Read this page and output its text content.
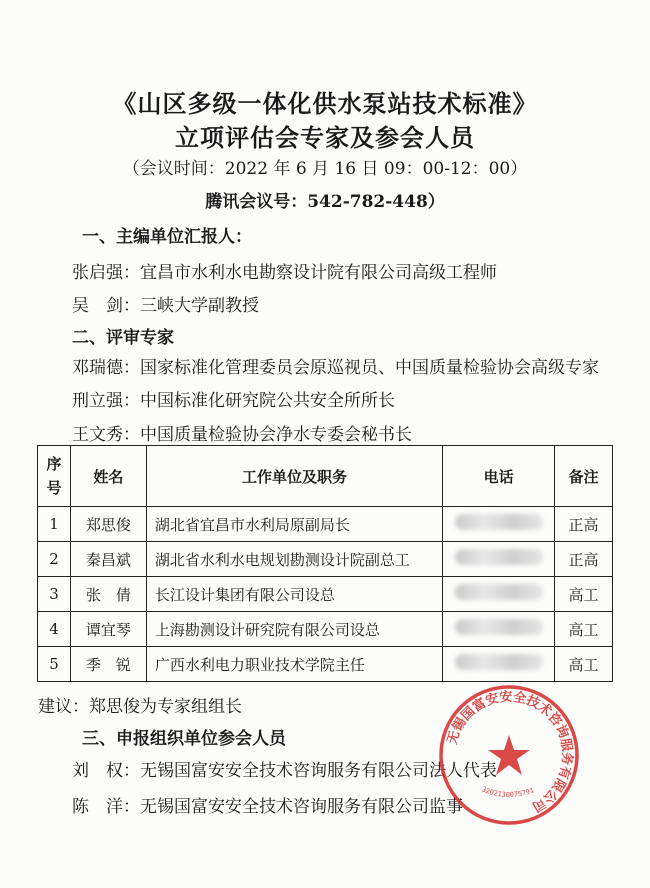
《山区多级一体化供水泵站技术标准》
立项评估会专家及参会人员
（会议时间：2022 年 6 月 16 日 09：00-12：00）
腾讯会议号：542-782-448）
一、主编单位汇报人：
张启强：宜昌市水利水电勘察设计院有限公司高级工程师
吴　剑：三峡大学副教授
二、评审专家
邓瑞德：国家标准化管理委员会原巡视员、中国质量检验协会高级专家
刑立强：中国标准化研究院公共安全所所长
王文秀：中国质量检验协会净水专委会秘书长
序
号	姓名	工作单位及职务	电话	备注
1	郑思俊	湖北省宜昌市水利局原副局长		正高
2	秦昌斌	湖北省水利水电规划勘测设计院副总工		正高
3	张　倩	长江设计集团有限公司设总		高工
4	谭宜琴	上海勘测设计研究院有限公司设总		高工
5	季　锐	广西水利电力职业技术学院主任		高工
建议：郑思俊为专家组组长
三、申报组织单位参会人员
刘　权：无锡国富安安全技术咨询服务有限公司法人代表
陈　洋：无锡国富安安全技术咨询服务有限公司监事
无锡国富安安全技术咨询服务有限公司
3202130075791
